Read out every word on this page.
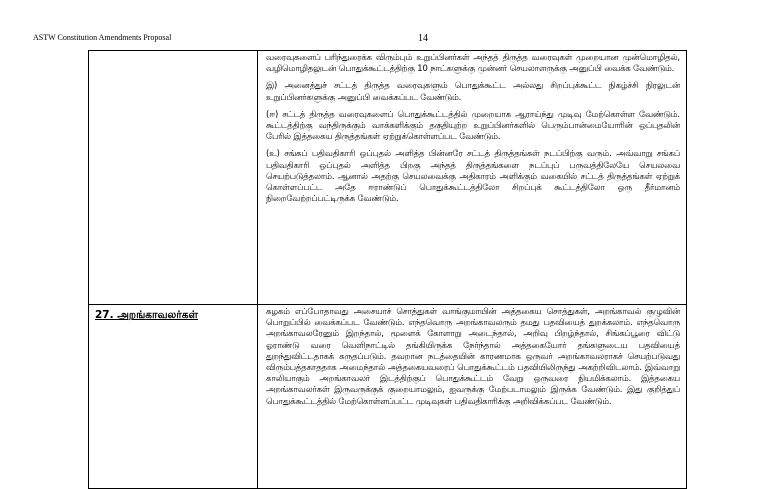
ASTW Constitution Amendments Proposal	14

	வரைவுகளைப் பரிந்துரைக்க விரும்பும் உறுப்பினர்கள் அந்தத் திருத்த வரைவுகள் முறையான முன்மொழிதல், வழிமொழிதலுடன் பொதுக்கூட்டத்திற்கு 10 நாட்களுக்கு முன்னர் செயலாளருக்கு அனுப்பி வைக்க வேண்டும்.

இ) அனைத்துச் சட்டத் திருத்த வரைவுகளும் பொதுக்கூட்ட அல்லது சிறப்புக்கூட்ட நிகழ்ச்சி நிரலுடன் உறுப்பினர்களுக்கு அனுப்பி வைக்கப்பட வேண்டும்.

(ஈ) சட்டத் திருத்த வரைவுகளைப் பொதுக்கூட்டத்தில் முறையாக ஆராய்ந்து முடிவு மேற்கொள்ள வேண்டும். கூட்டத்திற்கு வந்திருக்கும் வாக்களிக்கும் தகுதியுற்ற உறுப்பினர்களில் பெரும்பான்மையோரின் ஒப்புதலின் பேரில் இத்தகைய திருத்தங்கள் ஏற்றுக்கொள்ளப்பட வேண்டும்.

(உ) சங்கப் பதிவதிகாரி ஒப்புதல் அளித்த பின்னரே சட்டத் திருத்தங்கள் நடப்பிற்கு வரும். அவ்வாறு சங்கப் பதிவதிகாரி ஒப்புதல் அளித்த பிறகு அந்தத் திருத்தங்களை நடப்புப் பருவத்திலேயே செயலவை செயற்படுத்தலாம். ஆனால் அதற்கு செயலவைக்கு அதிகாரம் அளிக்கும் வகையில் சட்டத் திருத்தங்கள் ஏற்றுக் கொள்ளப்பட்ட அதே ஈராண்டுப் பொதுக்கூட்டத்திலோ சிறப்புக் கூட்டத்திலோ ஒரு தீர்மானம் நிறைவேற்றப்பட்டிருக்க வேண்டும்.

27. அறங்காவலர்கள்	கழகம் எப்போதாவது அசையாச் சொத்துகள் வாங்குமாயின் அத்தகைய சொத்துகள், அறங்காவல் குழுவின் பொறுப்பில் வைக்கப்பட வேண்டும். எந்தவொரு அறங்காவலரும் தமது பதவியைத் துறக்கலாம். எந்தவொரு அறங்காவலரேனும் இறந்தால், மூளைக் கோளாறு அடைந்தால், அறிவு பிறழ்ந்தால், சிங்கப்பூரை விட்டு ஓராண்டு வரை வெளிநாட்டில் தங்கியிருக்க நேர்ந்தால் அத்தகையோர் தங்களுடைய பதவியைத் துறந்துவிட்டதாகக் கருதப்படும். தவறான நடத்தையின் காரணமாக ஒருவர் அறங்காவலராகச் செயற்படுவது விரும்பத்தகாததாக அமைந்தால் அத்தகையவரைப் பொதுக்கூட்டம் பதவியிலிருந்து அகற்றிவிடலாம். இவ்வாறு காலியாகும் அறங்காவலர் இடத்திற்குப் பொதுக்கூட்டம் வேறு ஒருவரை நியமிக்கலாம். இத்தகைய அறங்காவலர்கள் இருவருக்குக் குறையாமலும், ஐவருக்கு மேற்படாமலும் இருக்க வேண்டும். இது குறித்துப் பொதுக்கூட்டத்தில் மேற்கொள்ளப்பட்ட முடிவுகள் பதிவதிகாரிக்கு அறிவிக்கப்பட வேண்டும்.
